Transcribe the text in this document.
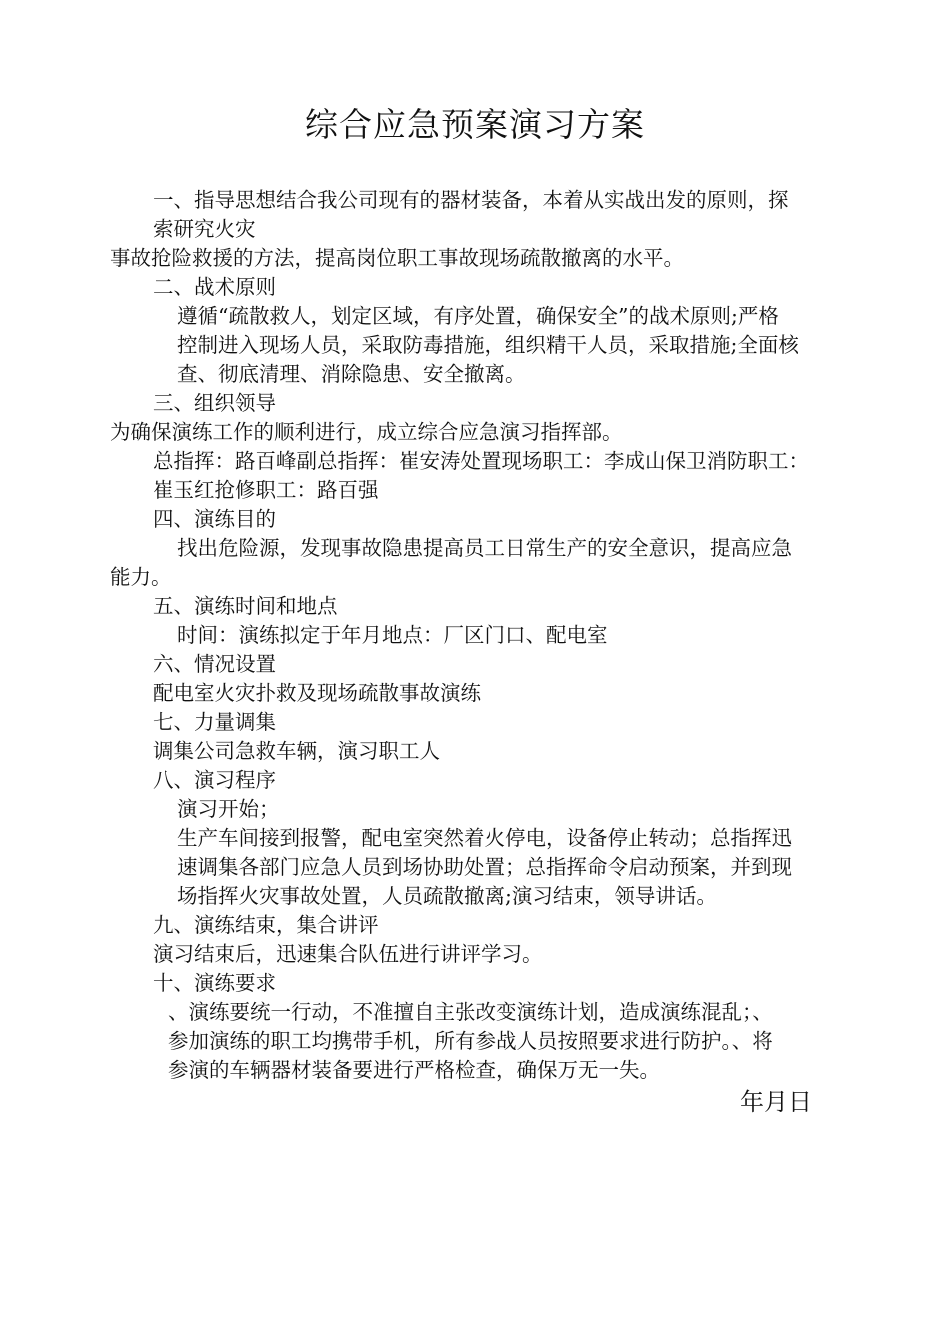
综合应急预案演习方案
一、指导思想结合我公司现有的器材装备，本着从实战出发的原则，探
索研究火灾
事故抢险救援的方法，提高岗位职工事故现场疏散撤离的水平。
二、战术原则
遵循“疏散救人，划定区域，有序处置，确保安全”的战术原则;严格
控制进入现场人员，采取防毒措施，组织精干人员，采取措施;全面核
查、彻底清理、消除隐患、安全撤离。
三、组织领导
为确保演练工作的顺利进行，成立综合应急演习指挥部。
总指挥：路百峰副总指挥：崔安涛处置现场职工：李成山保卫消防职工：
崔玉红抢修职工：路百强
四、演练目的
找出危险源，发现事故隐患提高员工日常生产的安全意识，提高应急
能力。
五、演练时间和地点
时间：演练拟定于年月地点：厂区门口、配电室
六、情况设置
配电室火灾扑救及现场疏散事故演练
七、力量调集
调集公司急救车辆，演习职工人
八、演习程序
演习开始；
生产车间接到报警，配电室突然着火停电，设备停止转动；总指挥迅
速调集各部门应急人员到场协助处置；总指挥命令启动预案，并到现
场指挥火灾事故处置，人员疏散撤离;演习结束，领导讲话。
九、演练结束，集合讲评
演习结束后，迅速集合队伍进行讲评学习。
十、演练要求
、演练要统一行动，不准擅自主张改变演练计划，造成演练混乱；、
参加演练的职工均携带手机，所有参战人员按照要求进行防护。、将
参演的车辆器材装备要进行严格检查，确保万无一失。
年月日
